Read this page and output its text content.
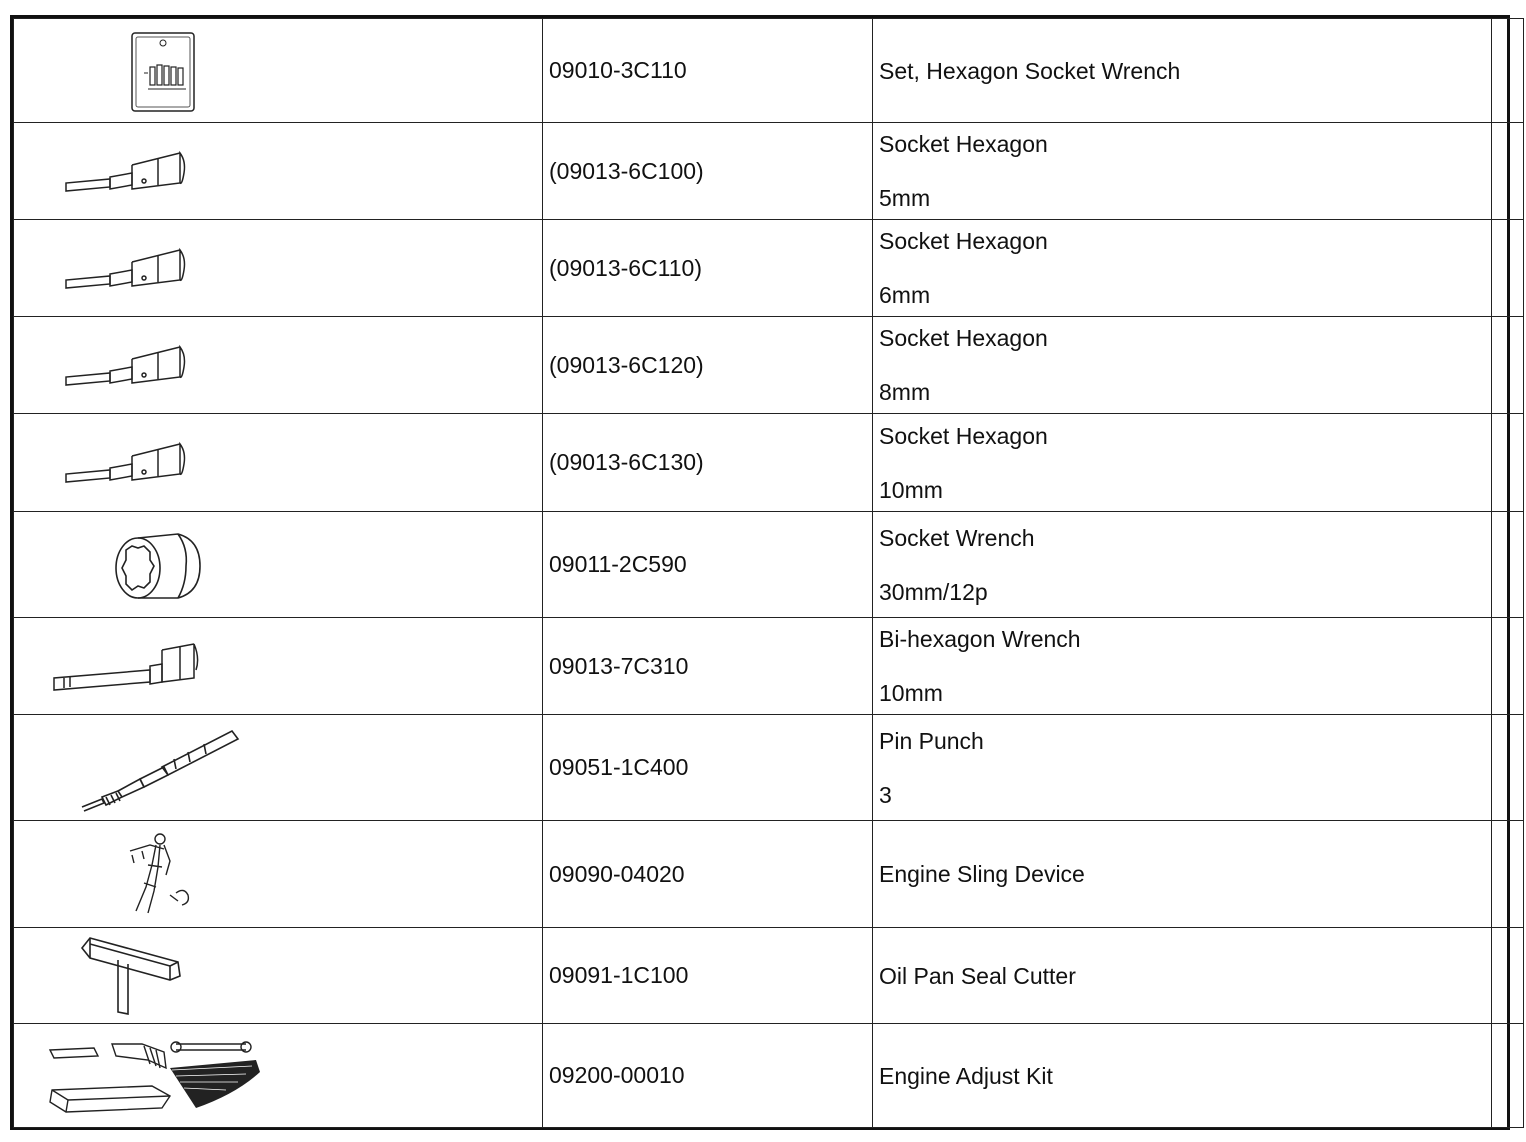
	09010-3C110	Set, Hexagon Socket Wrench	

	(09013-6C100)	Socket Hexagon
5mm	

	(09013-6C110)	Socket Hexagon
6mm	

	(09013-6C120)	Socket Hexagon
8mm	

	(09013-6C130)	Socket Hexagon
10mm	

	09011-2C590	Socket Wrench
30mm/12p	

	09013-7C310	Bi-hexagon Wrench
10mm	

	09051-1C400	Pin Punch
3	

	09090-04020	Engine Sling Device	

	09091-1C100	Oil Pan Seal Cutter	

	09200-00010	Engine Adjust Kit	
